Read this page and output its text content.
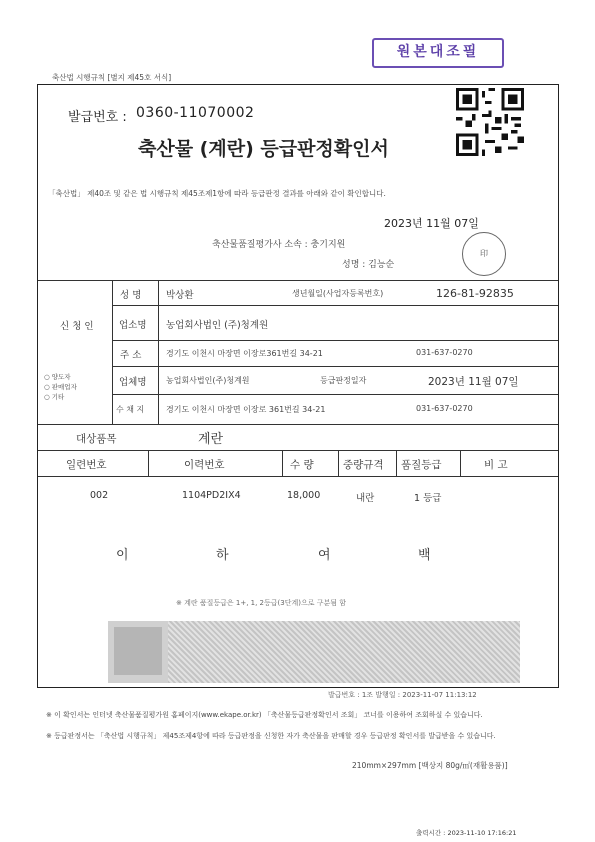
원본대조필
축산법 시행규칙 [별지 제45호 서식]
발급번호 : 0360-11070002
축산물 (계란) 등급판정확인서
「축산법」 제40조 및 같은 법 시행규칙 제45조제1항에 따라 등급판정 결과를 아래와 같이 확인합니다.
2023년 11월 07일
축산물품질평가사 소속 : 충기지원
성명 : 김능순
印
신 청 인
○ 양도자
○ 판매업자
○ 기타
성 명	박상환	생년월일(사업자등록번호)	126-81-92835
업소명 농업회사법인 (주)청계원
주 소	경기도 이천시 마장면 이장로361번길 34-21	031-637-0270
업체명 농업회사법인(주)청계원	등급판정일자	2023년 11월 07일
수 채 지	경기도 이천시 마장면 이장로 361번길 34-21	031-637-0270
대상품목	계란
일련번호	이력번호	수 량	중량규격 품질등급	비 고
002	1104PD2IX4	18,000	내란	1 등급
이	하	여	백
※ 계란 품질등급은 1+, 1, 2등급(3단계)으로 구분됨 함
발급번호 : 1조 발행일 : 2023-11-07 11:13:12
※ 이 확인서는 인터넷 축산물품질평가원 홈페이지(www.ekape.or.kr) 「축산물등급판정확인서 조회」 코너를 이용하여 조회하실 수 있습니다.
※ 등급판정서는 「축산법 시행규칙」 제45조제4항에 따라 등급판정을 신청한 자가 축산물을 판매할 경우 등급판정 확인서를 발급받을 수 있습니다.
210mm×297mm [백상지 80g/㎡(재활용품)]
출력시간 : 2023-11-10 17:16:21
